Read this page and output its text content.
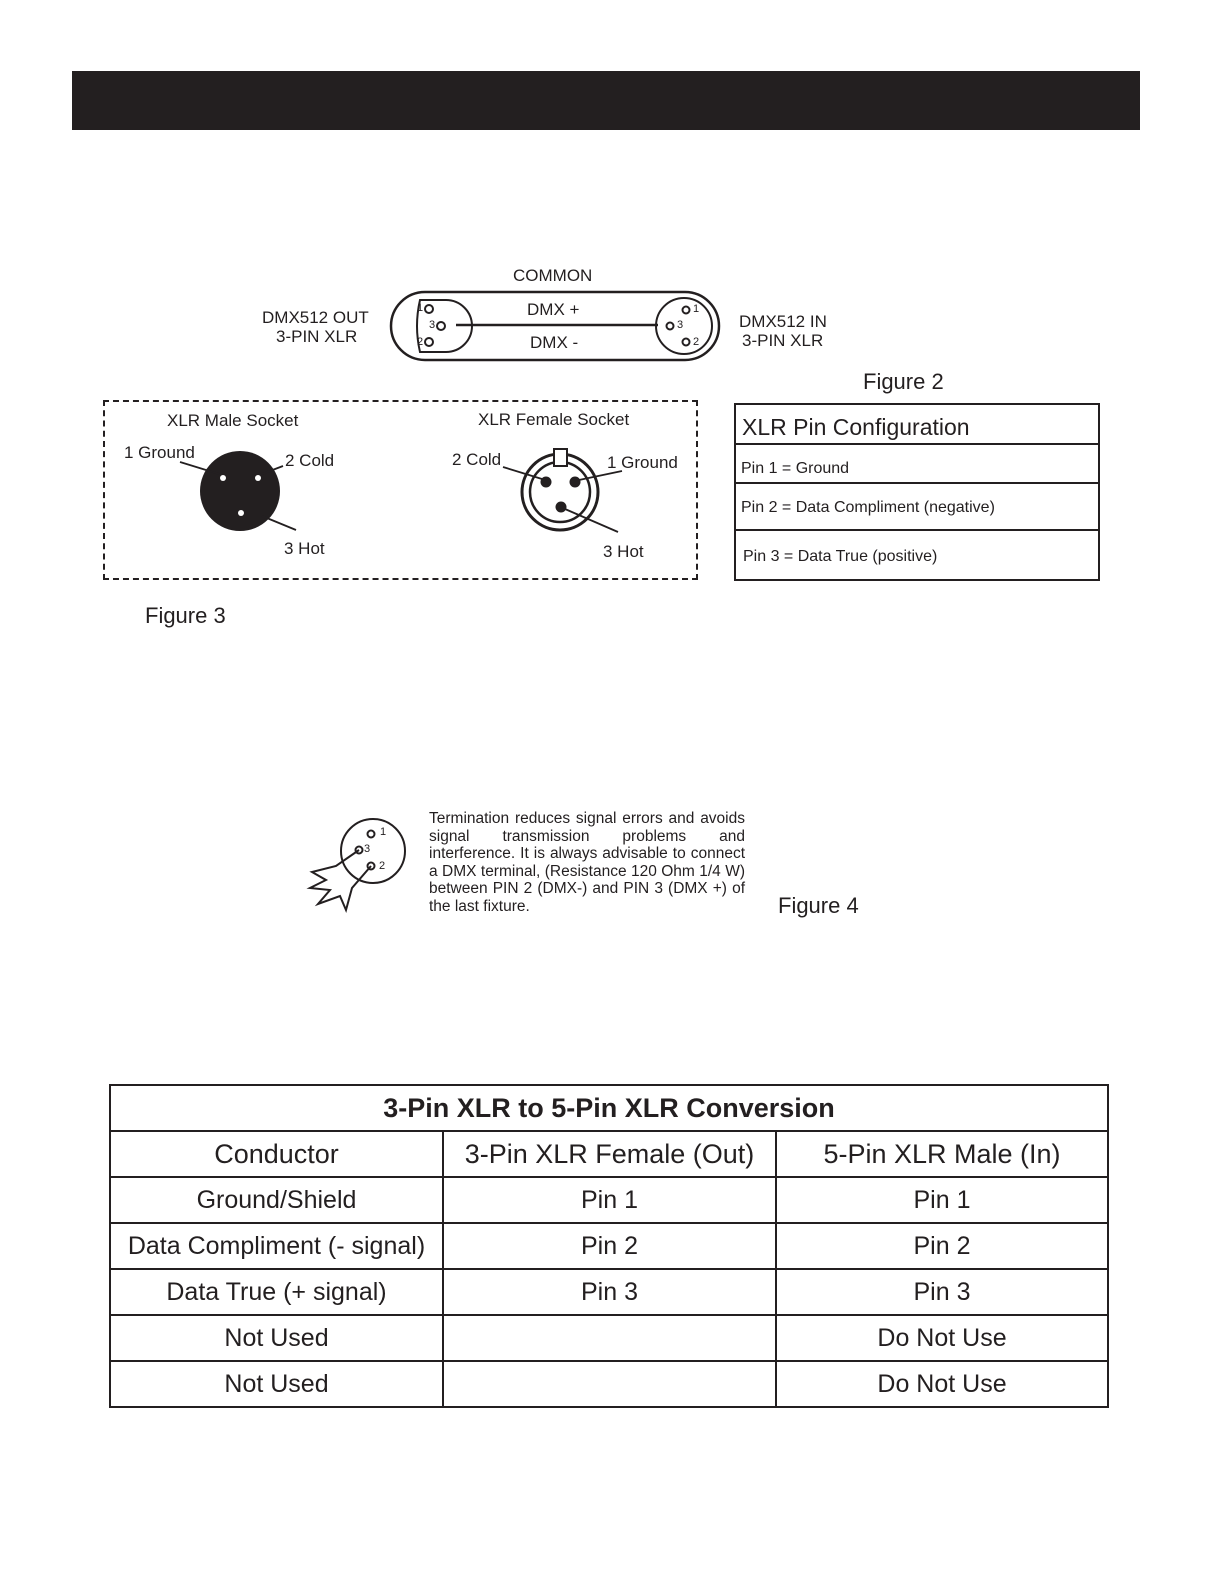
COMMON
DMX +
DMX -
DMX512 OUT
3-PIN XLR
DMX512 IN
3-PIN XLR
1
3
2
1
3
2
Figure 2
XLR Male Socket
1 Ground	2 Cold
3 Hot
XLR Female Socket
2 Cold	1 Ground
3 Hot
Figure 3
XLR Pin Configuration
Pin 1 = Ground
Pin 2 = Data Compliment (negative)
Pin 3 = Data True (positive)
1
3
2
Termination reduces signal errors and avoids signal transmission problems and interference. It is always advisable to connect a DMX terminal, (Resistance 120 Ohm 1/4 W) between PIN 2 (DMX-) and PIN 3 (DMX +) of the last fixture.	Figure 4
3-Pin XLR to 5-Pin XLR Conversion		
Conductor	3-Pin XLR Female (Out)	5-Pin XLR Male (In)
Ground/Shield	Pin 1	Pin 1
Data Compliment (- signal)	Pin 2	Pin 2
Data True (+ signal)	Pin 3	Pin 3
Not Used		Do Not Use
Not Used		Do Not Use
